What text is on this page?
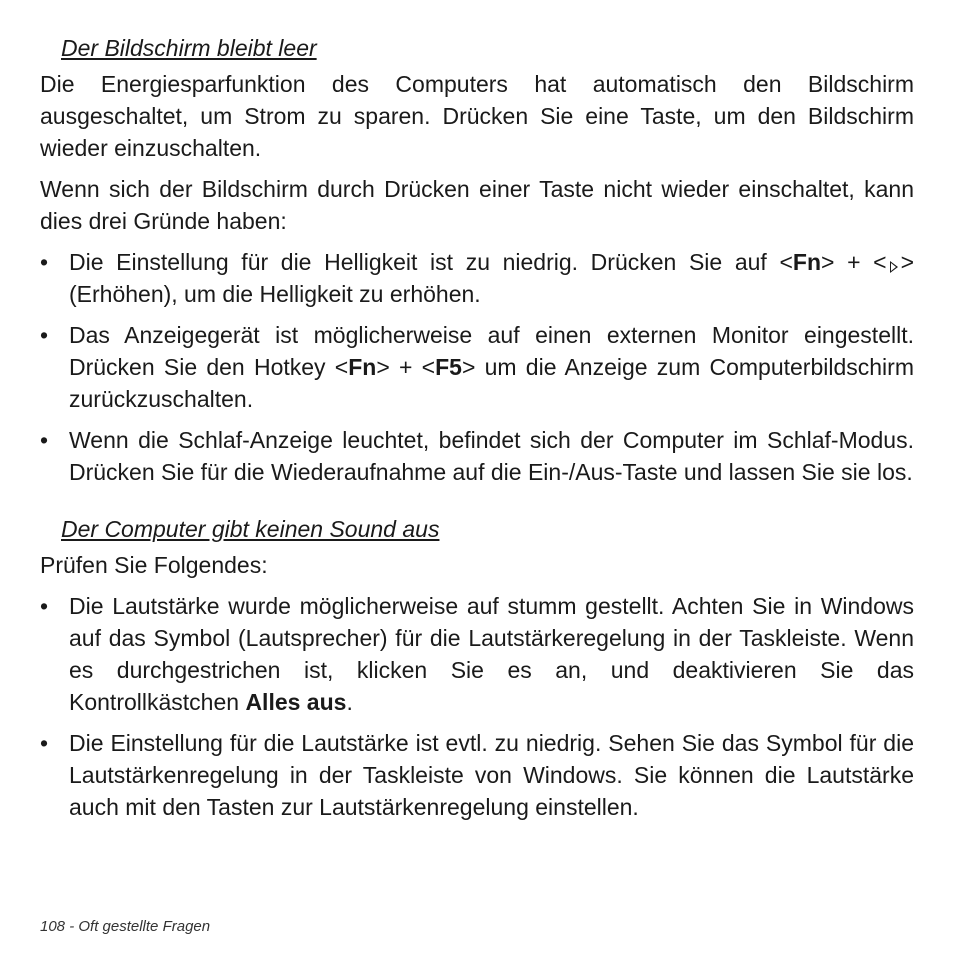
Der Bildschirm bleibt leer

Die Energiesparfunktion des Computers hat automatisch den Bildschirm ausgeschaltet, um Strom zu sparen. Drücken Sie eine Taste, um den Bildschirm wieder einzuschalten.

Wenn sich der Bildschirm durch Drücken einer Taste nicht wieder einschaltet, kann dies drei Gründe haben:

• Die Einstellung für die Helligkeit ist zu niedrig. Drücken Sie auf <Fn> + < > (Erhöhen), um die Helligkeit zu erhöhen.
• Das Anzeigegerät ist möglicherweise auf einen externen Monitor eingestellt. Drücken Sie den Hotkey <Fn> + <F5> um die Anzeige zum Computerbildschirm zurückzuschalten.
• Wenn die Schlaf-Anzeige leuchtet, befindet sich der Computer im Schlaf-Modus. Drücken Sie für die Wiederaufnahme auf die Ein-/Aus-Taste und lassen Sie sie los.
Der Computer gibt keinen Sound aus

Prüfen Sie Folgendes:

• Die Lautstärke wurde möglicherweise auf stumm gestellt. Achten Sie in Windows auf das Symbol (Lautsprecher) für die Lautstärkeregelung in der Taskleiste. Wenn es durchgestrichen ist, klicken Sie es an, und deaktivieren Sie das Kontrollkästchen Alles aus.
• Die Einstellung für die Lautstärke ist evtl. zu niedrig. Sehen Sie das Symbol für die Lautstärkenregelung in der Taskleiste von Windows. Sie können die Lautstärke auch mit den Tasten zur Lautstärkenregelung einstellen.
108 - Oft gestellte Fragen
